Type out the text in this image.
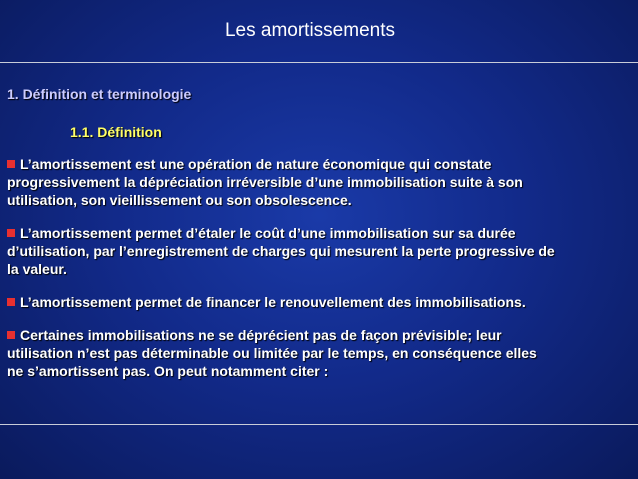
Les amortissements
1. Définition et terminologie
1.1. Définition

L’amortissement est une opération de nature économique qui constate
progressivement la dépréciation irréversible d’une immobilisation suite à son
utilisation, son vieillissement ou son obsolescence.

L’amortissement permet d’étaler le coût d’une immobilisation sur sa durée
d’utilisation, par l’enregistrement de charges qui mesurent la perte progressive de
la valeur.

L’amortissement permet de financer le renouvellement des immobilisations.

Certaines immobilisations ne se déprécient pas de façon prévisible; leur
utilisation n’est pas déterminable ou limitée par le temps, en conséquence elles
ne s’amortissent pas. On peut notamment citer :
